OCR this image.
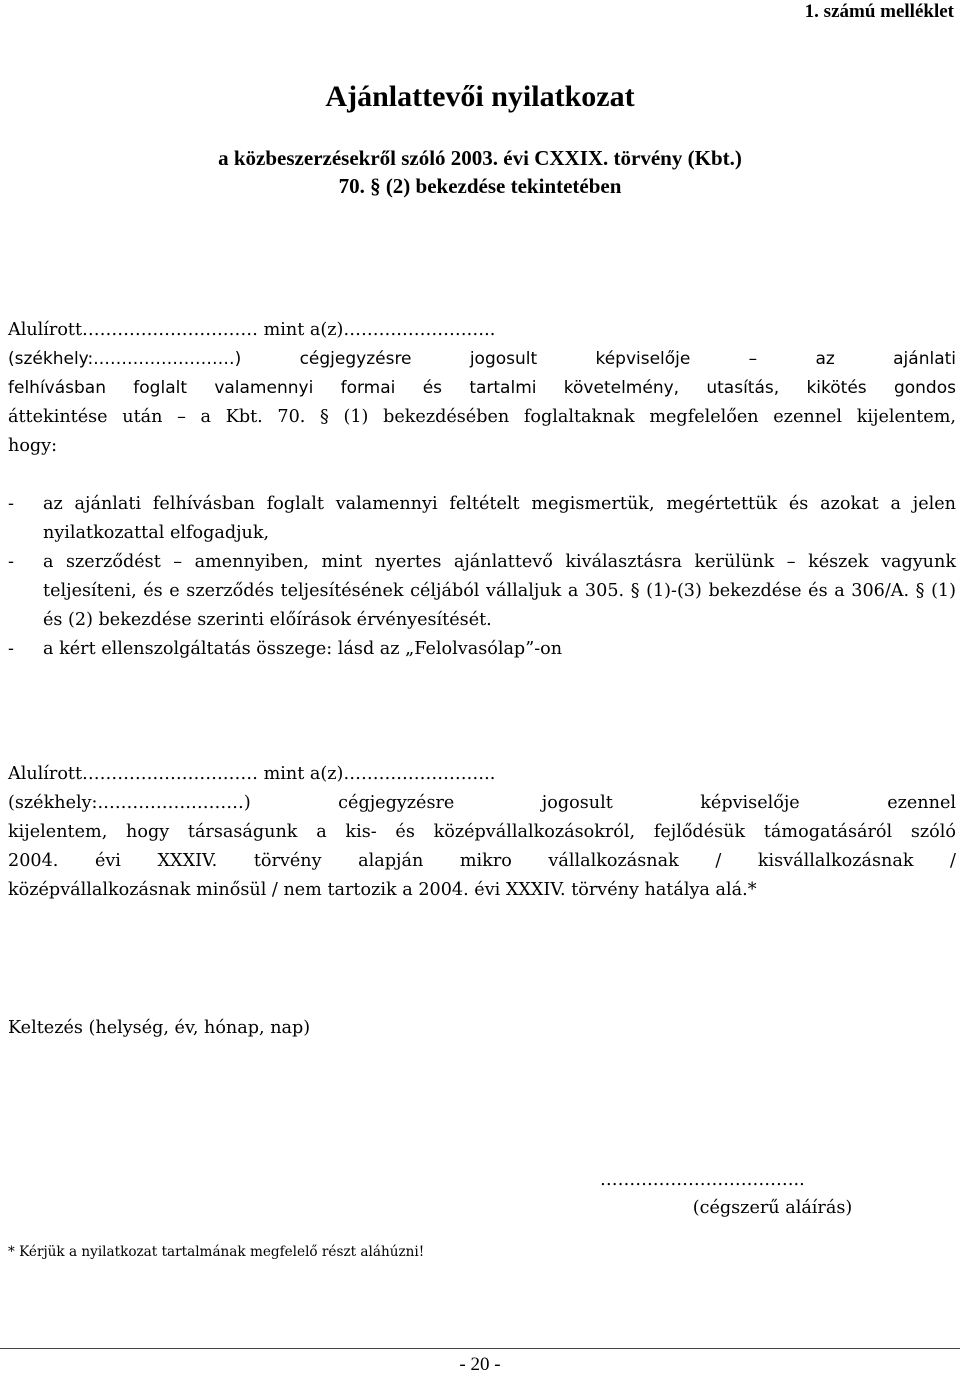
1. számú melléklet
Ajánlattevői nyilatkozat
a közbeszerzésekről szóló 2003. évi CXXIX. törvény (Kbt.)
70. § (2) bekezdése tekintetében
Alulírott………………………… mint a(z)……………………..
(székhely:.……………………) cégjegyzésre jogosult képviselője – az ajánlati
felhívásban foglalt valamennyi formai és tartalmi követelmény, utasítás, kikötés gondos
áttekintése után – a Kbt. 70. § (1) bekezdésében foglaltaknak megfelelően ezennel kijelentem,
hogy:
-	az ajánlati felhívásban foglalt valamennyi feltételt megismertük, megértettük és azokat a jelen nyilatkozattal elfogadjuk,
-	a szerződést – amennyiben, mint nyertes ajánlattevő kiválasztásra kerülünk – készek vagyunk teljesíteni, és e szerződés teljesítésének céljából vállaljuk a 305. § (1)-(3) bekezdése és a 306/A. § (1) és (2) bekezdése szerinti előírások érvényesítését.
-	a kért ellenszolgáltatás összege: lásd az „Felolvasólap”-on
Alulírott………………………… mint a(z)……………………..
(székhely:.……………………) cégjegyzésre jogosult képviselője ezennel
kijelentem, hogy társaságunk a kis- és középvállalkozásokról, fejlődésük támogatásáról szóló
2004. évi XXXIV. törvény alapján mikro vállalkozásnak / kisvállalkozásnak /
középvállalkozásnak minősül / nem tartozik a 2004. évi XXXIV. törvény hatálya alá.*
Keltezés (helység, év, hónap, nap)
……………………………..
(cégszerű aláírás)
* Kérjük a nyilatkozat tartalmának megfelelő részt aláhúzni!
- 20 -
